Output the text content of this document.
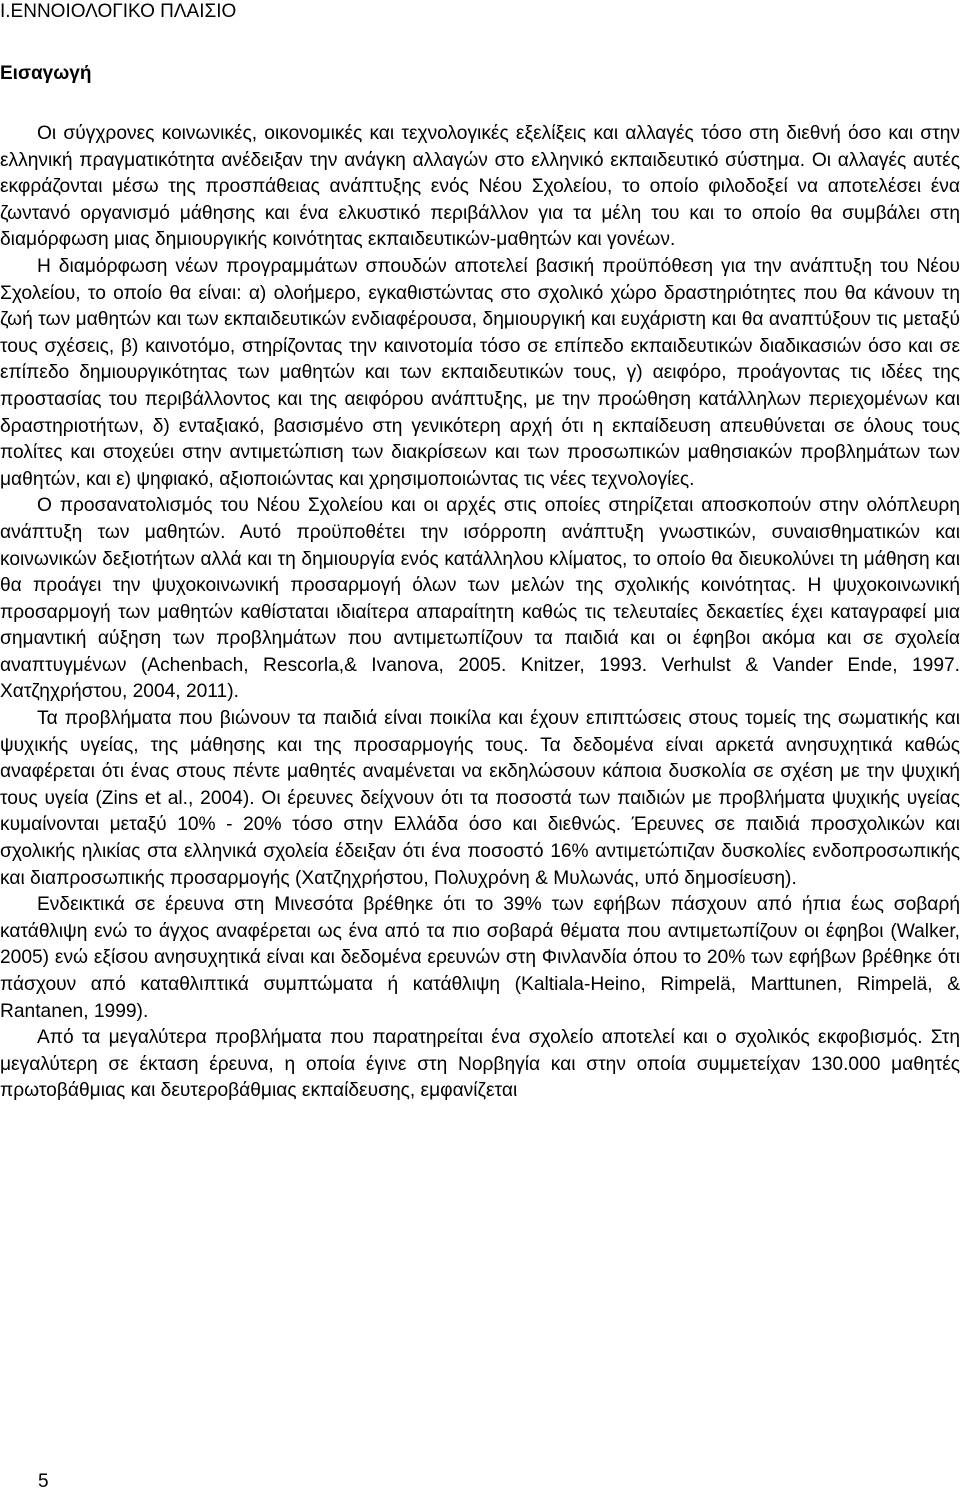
I.ΕΝΝΟΙΟΛΟΓΙΚΟ ΠΛΑΙΣΙΟ
Εισαγωγή

Οι σύγχρονες κοινωνικές, οικονομικές και τεχνολογικές εξελίξεις και αλλαγές τόσο στη διεθνή όσο και στην ελληνική πραγματικότητα ανέδειξαν την ανάγκη αλλαγών στο ελληνικό εκπαιδευτικό σύστημα. Οι αλλαγές αυτές εκφράζονται μέσω της προσπάθειας ανάπτυξης ενός Νέου Σχολείου, το οποίο φιλοδοξεί να αποτελέσει ένα ζωντανό οργανισμό μάθησης και ένα ελκυστικό περιβάλλον για τα μέλη του και το οποίο θα συμβάλει στη διαμόρφωση μιας δημιουργικής κοινότητας εκπαιδευτικών-μαθητών και γονέων.

Η διαμόρφωση νέων προγραμμάτων σπουδών αποτελεί βασική προϋπόθεση για την ανάπτυξη του Νέου Σχολείου, το οποίο θα είναι: α) ολοήμερο, εγκαθιστώντας στο σχολικό χώρο δραστηριότητες που θα κάνουν τη ζωή των μαθητών και των εκπαιδευτικών ενδιαφέρουσα, δημιουργική και ευχάριστη και θα αναπτύξουν τις μεταξύ τους σχέσεις, β) καινοτόμο, στηρίζοντας την καινοτομία τόσο σε επίπεδο εκπαιδευτικών διαδικασιών όσο και σε επίπεδο δημιουργικότητας των μαθητών και των εκπαιδευτικών τους, γ) αειφόρο, προάγοντας τις ιδέες της προστασίας του περιβάλλοντος και της αειφόρου ανάπτυξης, με την προώθηση κατάλληλων περιεχομένων και δραστηριοτήτων, δ) ενταξιακό, βασισμένο στη γενικότερη αρχή ότι η εκπαίδευση απευθύνεται σε όλους τους πολίτες και στοχεύει στην αντιμετώπιση των διακρίσεων και των προσωπικών μαθησιακών προβλημάτων των μαθητών, και ε) ψηφιακό, αξιοποιώντας και χρησιμοποιώντας τις νέες τεχνολογίες.

Ο προσανατολισμός του Νέου Σχολείου και οι αρχές στις οποίες στηρίζεται αποσκοπούν στην ολόπλευρη ανάπτυξη των μαθητών. Αυτό προϋποθέτει την ισόρροπη ανάπτυξη γνωστικών, συναισθηματικών και κοινωνικών δεξιοτήτων αλλά και τη δημιουργία ενός κατάλληλου κλίματος, το οποίο θα διευκολύνει τη μάθηση και θα προάγει την ψυχοκοινωνική προσαρμογή όλων των μελών της σχολικής κοινότητας. Η ψυχοκοινωνική προσαρμογή των μαθητών καθίσταται ιδιαίτερα απαραίτητη καθώς τις τελευταίες δεκαετίες έχει καταγραφεί μια σημαντική αύξηση των προβλημάτων που αντιμετωπίζουν τα παιδιά και οι έφηβοι ακόμα και σε σχολεία αναπτυγμένων (Achenbach, Rescorla,& Ivanova, 2005. Knitzer, 1993. Verhulst & Vander Ende, 1997. Χατζηχρήστου, 2004, 2011).

Τα προβλήματα που βιώνουν τα παιδιά είναι ποικίλα και έχουν επιπτώσεις στους τομείς της σωματικής και ψυχικής υγείας, της μάθησης και της προσαρμογής τους. Τα δεδομένα είναι αρκετά ανησυχητικά καθώς αναφέρεται ότι ένας στους πέντε μαθητές αναμένεται να εκδηλώσουν κάποια δυσκολία σε σχέση με την ψυχική τους υγεία (Zins et al., 2004). Οι έρευνες δείχνουν ότι τα ποσοστά των παιδιών με προβλήματα ψυχικής υγείας κυμαίνονται μεταξύ 10% - 20% τόσο στην Ελλάδα όσο και διεθνώς. Έρευνες σε παιδιά προσχολικών και σχολικής ηλικίας στα ελληνικά σχολεία έδειξαν ότι ένα ποσοστό 16% αντιμετώπιζαν δυσκολίες ενδοπροσωπικής και διαπροσωπικής προσαρμογής (Χατζηχρήστου, Πολυχρόνη & Μυλωνάς, υπό δημοσίευση).

Ενδεικτικά σε έρευνα στη Μινεσότα βρέθηκε ότι το 39% των εφήβων πάσχουν από ήπια έως σοβαρή κατάθλιψη ενώ το άγχος αναφέρεται ως ένα από τα πιο σοβαρά θέματα που αντιμετωπίζουν οι έφηβοι (Walker, 2005) ενώ εξίσου ανησυχητικά είναι και δεδομένα ερευνών στη Φινλανδία όπου το 20% των εφήβων βρέθηκε ότι πάσχουν από καταθλιπτικά συμπτώματα ή κατάθλιψη (Kaltiala-Heino, Rimpelä, Marttunen, Rimpelä, & Rantanen, 1999).

Από τα μεγαλύτερα προβλήματα που παρατηρείται ένα σχολείο αποτελεί και ο σχολικός εκφοβισμός. Στη μεγαλύτερη σε έκταση έρευνα, η οποία έγινε στη Νορβηγία και στην οποία συμμετείχαν 130.000 μαθητές πρωτοβάθμιας και δευτεροβάθμιας εκπαίδευσης, εμφανίζεται

5
